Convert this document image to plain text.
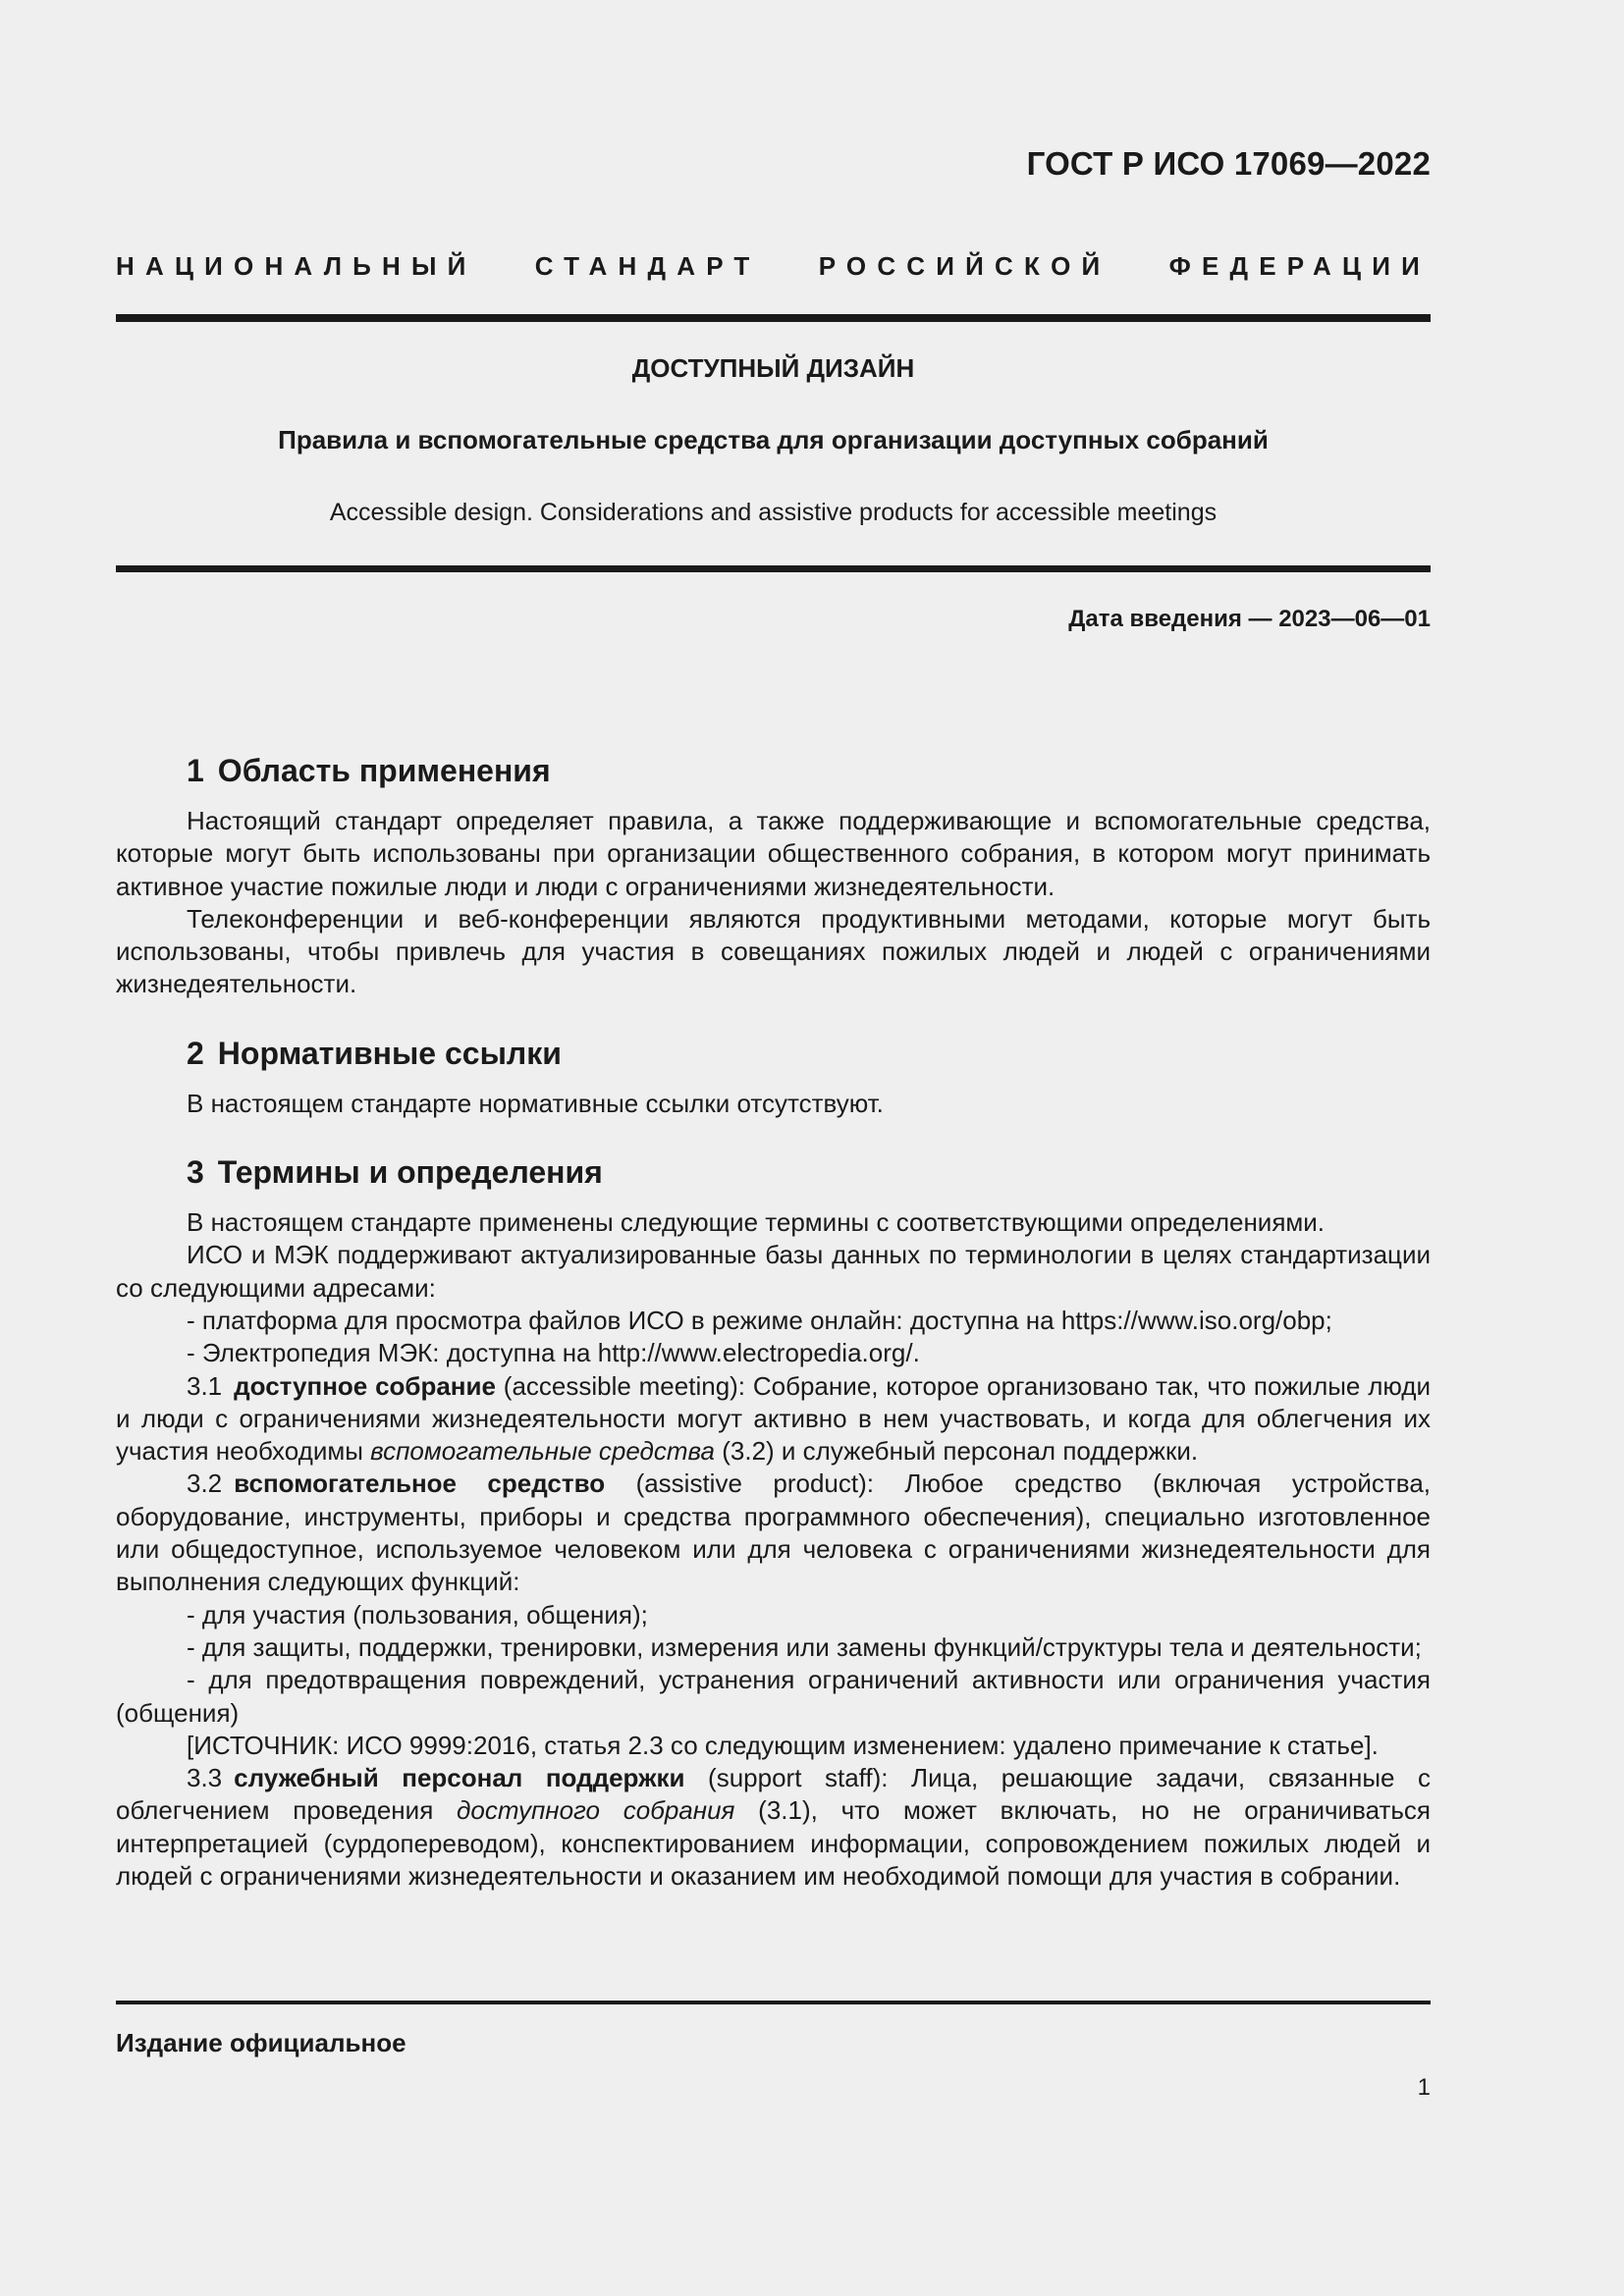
ГОСТ Р ИСО 17069—2022
НАЦИОНАЛЬНЫЙ СТАНДАРТ РОССИЙСКОЙ ФЕДЕРАЦИИ
ДОСТУПНЫЙ ДИЗАЙН
Правила и вспомогательные средства для организации доступных собраний
Accessible design. Considerations and assistive products for accessible meetings
Дата введения — 2023—06—01
1 Область применения

Настоящий стандарт определяет правила, а также поддерживающие и вспомогательные средства, которые могут быть использованы при организации общественного собрания, в котором могут принимать активное участие пожилые люди и люди с ограничениями жизнедеятельности.

Телеконференции и веб-конференции являются продуктивными методами, которые могут быть использованы, чтобы привлечь для участия в совещаниях пожилых людей и людей с ограничениями жизнедеятельности.

2 Нормативные ссылки

В настоящем стандарте нормативные ссылки отсутствуют.

3 Термины и определения

В настоящем стандарте применены следующие термины с соответствующими определениями.

ИСО и МЭК поддерживают актуализированные базы данных по терминологии в целях стандартизации со следующими адресами:

- платформа для просмотра файлов ИСО в режиме онлайн: доступна на https://www.iso.org/obp;

- Электропедия МЭК: доступна на http://www.electropedia.org/.

3.1 доступное собрание (accessible meeting): Собрание, которое организовано так, что пожилые люди и люди с ограничениями жизнедеятельности могут активно в нем участвовать, и когда для облегчения их участия необходимы вспомогательные средства (3.2) и служебный персонал поддержки.

3.2 вспомогательное средство (assistive product): Любое средство (включая устройства, оборудование, инструменты, приборы и средства программного обеспечения), специально изготовленное или общедоступное, используемое человеком или для человека с ограничениями жизнедеятельности для выполнения следующих функций:

- для участия (пользования, общения);

- для защиты, поддержки, тренировки, измерения или замены функций/структуры тела и деятельности;

- для предотвращения повреждений, устранения ограничений активности или ограничения участия (общения)

[ИСТОЧНИК: ИСО 9999:2016, статья 2.3 со следующим изменением: удалено примечание к статье].

3.3 служебный персонал поддержки (support staff): Лица, решающие задачи, связанные с облегчением проведения доступного собрания (3.1), что может включать, но не ограничиваться интерпретацией (сурдопереводом), конспектированием информации, сопровождением пожилых людей и людей с ограничениями жизнедеятельности и оказанием им необходимой помощи для участия в собрании.

Издание официальное
1
